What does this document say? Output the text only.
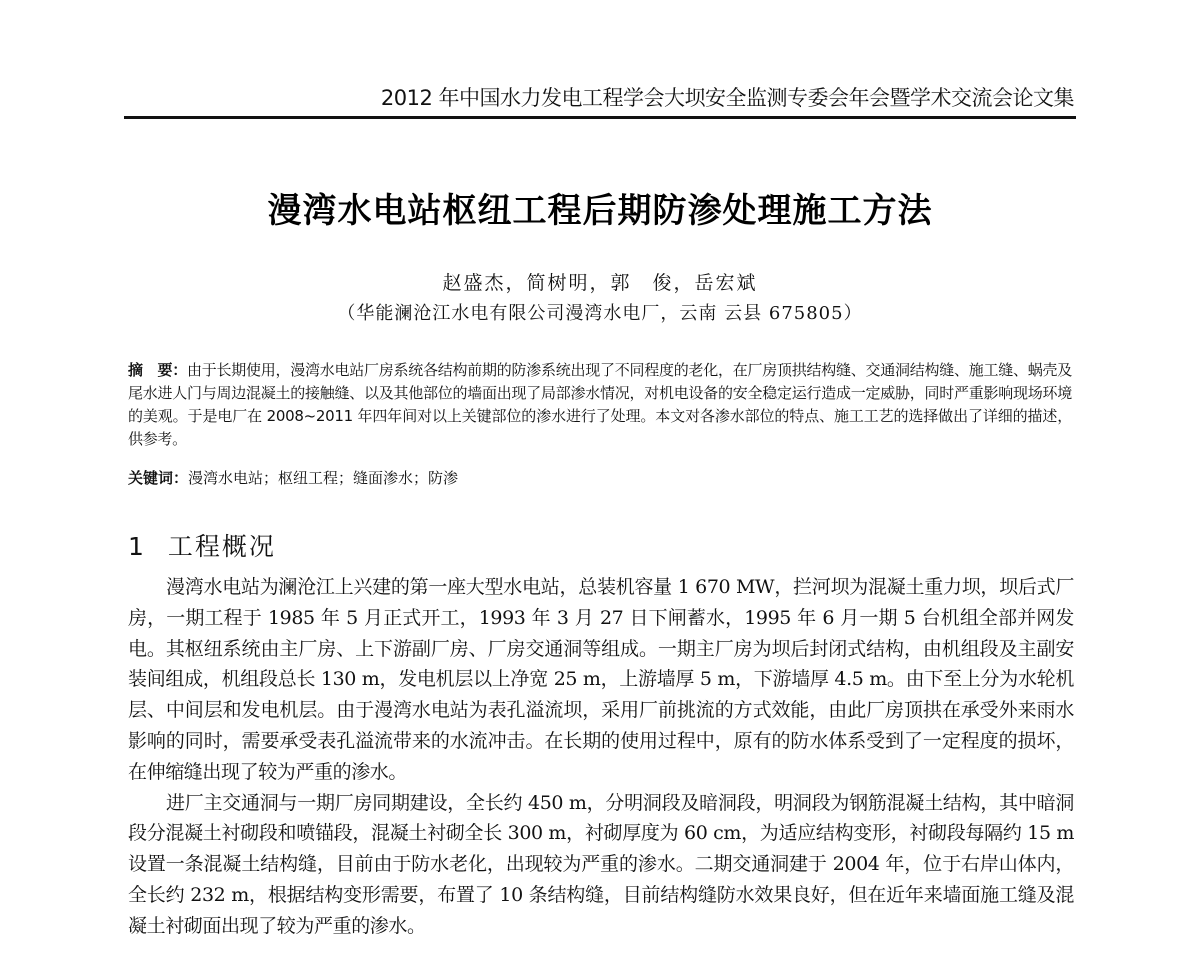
2012 年中国水力发电工程学会大坝安全监测专委会年会暨学术交流会论文集
漫湾水电站枢纽工程后期防渗处理施工方法
赵盛杰，简树明，郭　俊，岳宏斌
（华能澜沧江水电有限公司漫湾水电厂，云南 云县 675805）
摘　要：由于长期使用，漫湾水电站厂房系统各结构前期的防渗系统出现了不同程度的老化，在厂房顶拱结构缝、交通洞结构缝、施工缝、蜗壳及尾水进人门与周边混凝土的接触缝、以及其他部位的墙面出现了局部渗水情况，对机电设备的安全稳定运行造成一定威胁，同时严重影响现场环境的美观。于是电厂在 2008~2011 年四年间对以上关键部位的渗水进行了处理。本文对各渗水部位的特点、施工工艺的选择做出了详细的描述，供参考。
关键词：漫湾水电站；枢纽工程；缝面渗水；防渗
1 工程概况

漫湾水电站为澜沧江上兴建的第一座大型水电站，总装机容量 1 670 MW，拦河坝为混凝土重力坝，坝后式厂房，一期工程于 1985 年 5 月正式开工，1993 年 3 月 27 日下闸蓄水，1995 年 6 月一期 5 台机组全部并网发电。其枢纽系统由主厂房、上下游副厂房、厂房交通洞等组成。一期主厂房为坝后封闭式结构，由机组段及主副安装间组成，机组段总长 130 m，发电机层以上净宽 25 m，上游墙厚 5 m，下游墙厚 4.5 m。由下至上分为水轮机层、中间层和发电机层。由于漫湾水电站为表孔溢流坝，采用厂前挑流的方式效能，由此厂房顶拱在承受外来雨水影响的同时，需要承受表孔溢流带来的水流冲击。在长期的使用过程中，原有的防水体系受到了一定程度的损坏，在伸缩缝出现了较为严重的渗水。

进厂主交通洞与一期厂房同期建设，全长约 450 m，分明洞段及暗洞段，明洞段为钢筋混凝土结构，其中暗洞段分混凝土衬砌段和喷锚段，混凝土衬砌全长 300 m，衬砌厚度为 60 cm，为适应结构变形，衬砌段每隔约 15 m 设置一条混凝土结构缝，目前由于防水老化，出现较为严重的渗水。二期交通洞建于 2004 年，位于右岸山体内，全长约 232 m，根据结构变形需要，布置了 10 条结构缝，目前结构缝防水效果良好，但在近年来墙面施工缝及混凝土衬砌面出现了较为严重的渗水。
